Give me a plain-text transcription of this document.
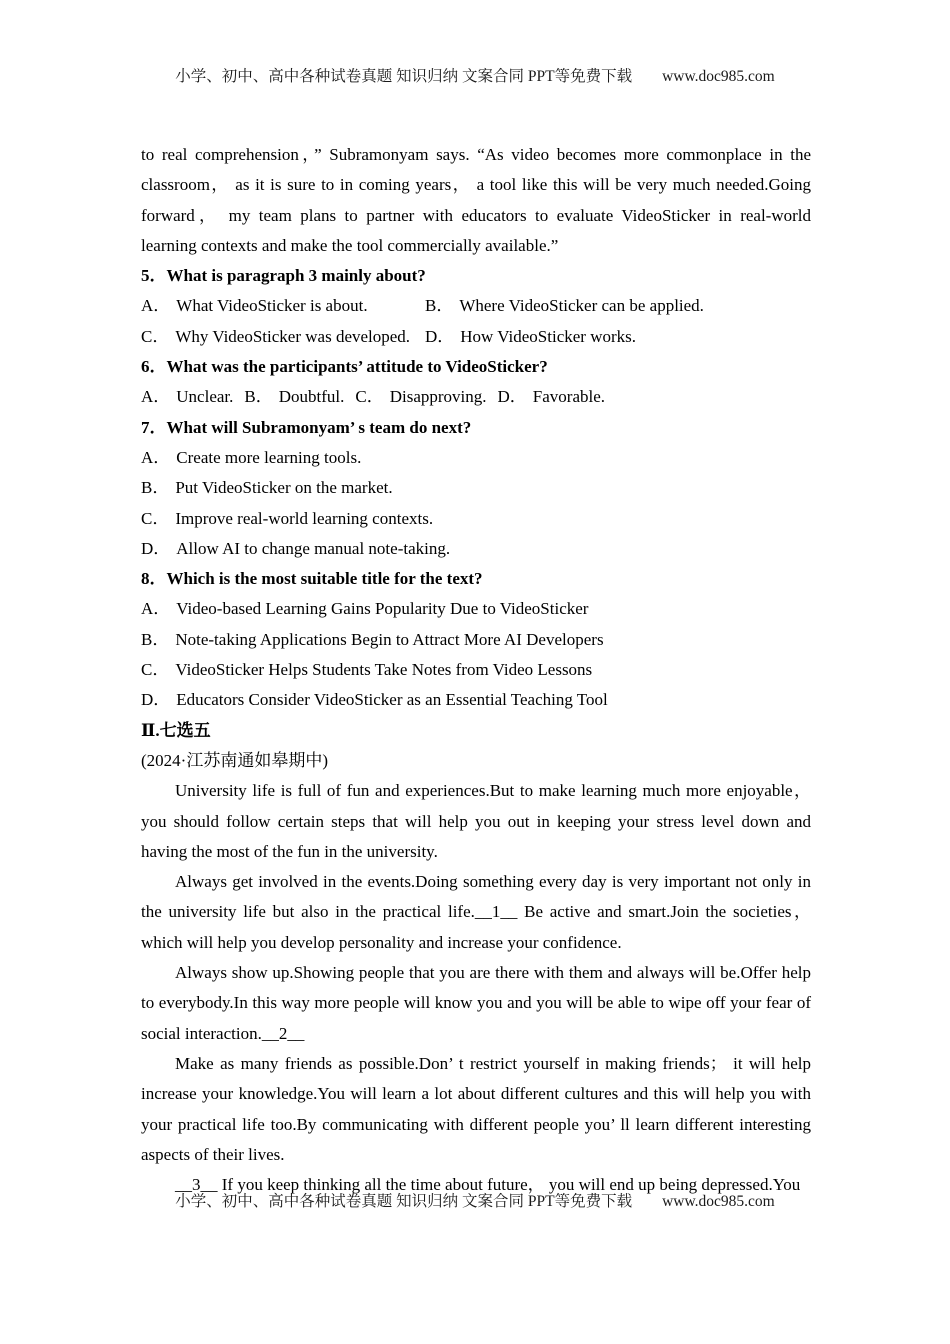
小学、初中、高中各种试卷真题 知识归纳 文案合同 PPT等免费下载 www.doc985.com

to real comprehension，” Subramonyam says. “As video becomes more commonplace in the classroom， as it is sure to in coming years， a tool like this will be very much needed.Going forward， my team plans to partner with educators to evaluate VideoSticker in real-world learning contexts and make the tool commercially available.”

5．What is paragraph 3 mainly about?

A． What VideoSticker is about.	B． Where VideoSticker can be applied.

C． Why VideoSticker was developed. D． How VideoSticker works.

6．What was the participants’ attitude to VideoSticker?

A． Unclear. B． Doubtful. C． Disapproving. D． Favorable.

7．What will Subramonyam’ s team do next?

A． Create more learning tools.

B． Put VideoSticker on the market.

C． Improve real-world learning contexts.

D． Allow AI to change manual note-taking.

8．Which is the most suitable title for the text?

A． Video-based Learning Gains Popularity Due to VideoSticker

B． Note-taking Applications Begin to Attract More AI Developers

C． VideoSticker Helps Students Take Notes from Video Lessons

D． Educators Consider VideoSticker as an Essential Teaching Tool

Ⅱ.七选五

(2024·江苏南通如皋期中)

University life is full of fun and experiences.But to make learning much more enjoyable， you should follow certain steps that will help you out in keeping your stress level down and having the most of the fun in the university.

Always get involved in the events.Doing something every day is very important not only in the university life but also in the practical life.__1__ Be active and smart.Join the societies， which will help you develop personality and increase your confidence.

Always show up.Showing people that you are there with them and always will be.Offer help to everybody.In this way more people will know you and you will be able to wipe off your fear of social interaction.__2__

Make as many friends as possible.Don’ t restrict yourself in making friends； it will help increase your knowledge.You will learn a lot about different cultures and this will help you with your practical life too.By communicating with different people you’ ll learn different interesting aspects of their lives.

__3__ If you keep thinking all the time about future， you will end up being depressed.You

小学、初中、高中各种试卷真题 知识归纳 文案合同 PPT等免费下载 www.doc985.com
